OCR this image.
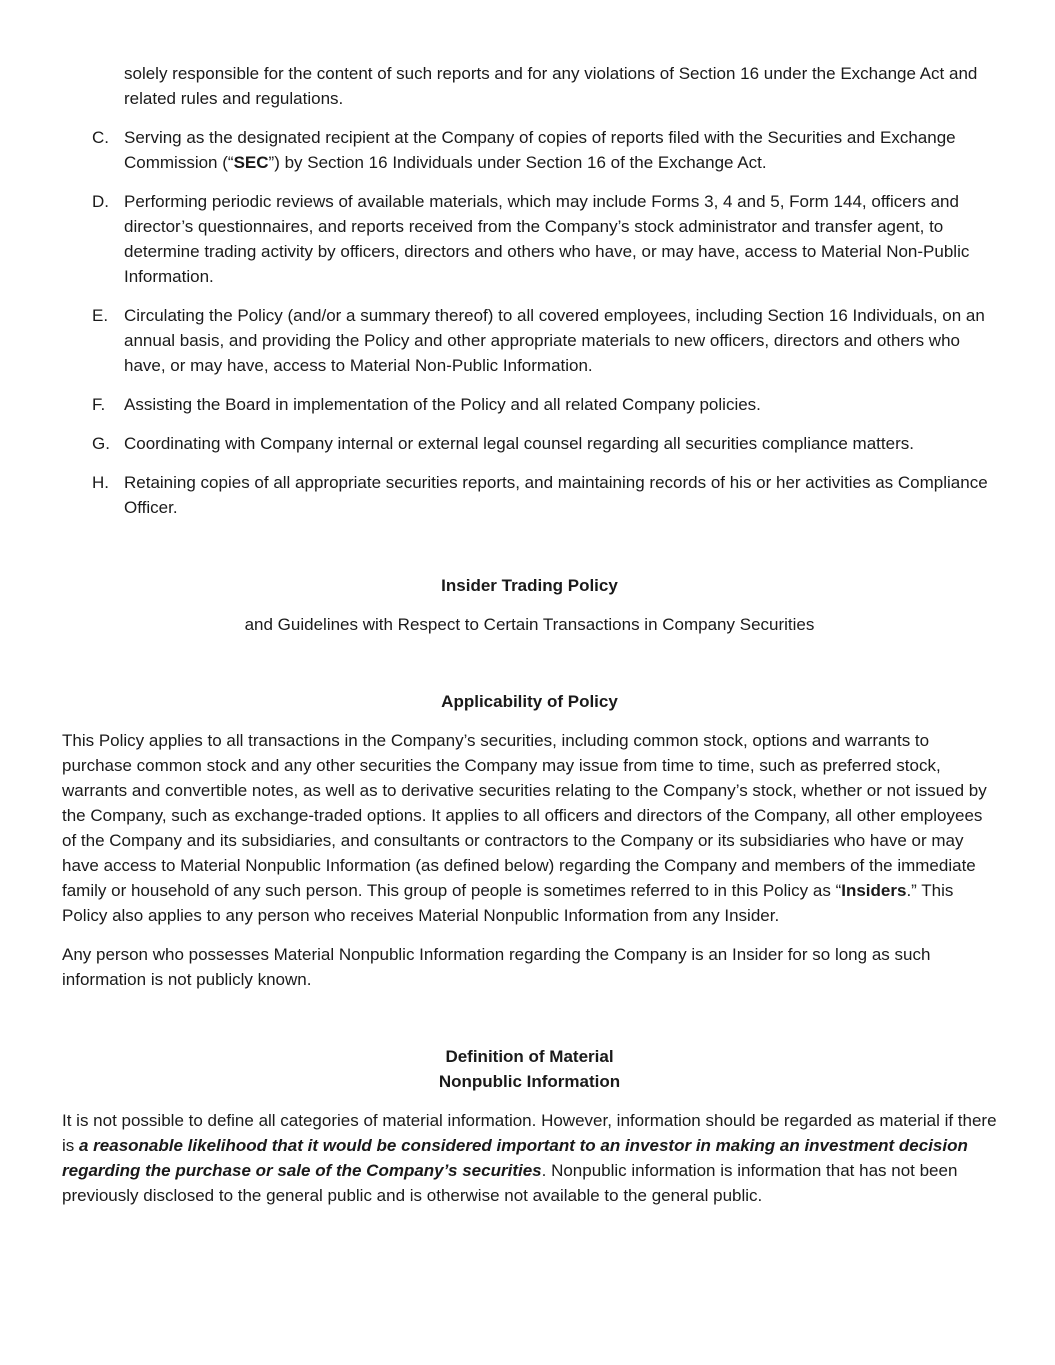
solely responsible for the content of such reports and for any violations of Section 16 under the Exchange Act and related rules and regulations.

C. Serving as the designated recipient at the Company of copies of reports filed with the Securities and Exchange Commission (“SEC”) by Section 16 Individuals under Section 16 of the Exchange Act.
D. Performing periodic reviews of available materials, which may include Forms 3, 4 and 5, Form 144, officers and director’s questionnaires, and reports received from the Company’s stock administrator and transfer agent, to determine trading activity by officers, directors and others who have, or may have, access to Material Non-Public Information.
E. Circulating the Policy (and/or a summary thereof) to all covered employees, including Section 16 Individuals, on an annual basis, and providing the Policy and other appropriate materials to new officers, directors and others who have, or may have, access to Material Non-Public Information.
F. Assisting the Board in implementation of the Policy and all related Company policies.
G. Coordinating with Company internal or external legal counsel regarding all securities compliance matters.
H. Retaining copies of all appropriate securities reports, and maintaining records of his or her activities as Compliance Officer.

Insider Trading Policy

and Guidelines with Respect to Certain Transactions in Company Securities

Applicability of Policy

This Policy applies to all transactions in the Company’s securities, including common stock, options and warrants to purchase common stock and any other securities the Company may issue from time to time, such as preferred stock, warrants and convertible notes, as well as to derivative securities relating to the Company’s stock, whether or not issued by the Company, such as exchange-traded options. It applies to all officers and directors of the Company, all other employees of the Company and its subsidiaries, and consultants or contractors to the Company or its subsidiaries who have or may have access to Material Nonpublic Information (as defined below) regarding the Company and members of the immediate family or household of any such person. This group of people is sometimes referred to in this Policy as “Insiders.” This Policy also applies to any person who receives Material Nonpublic Information from any Insider.

Any person who possesses Material Nonpublic Information regarding the Company is an Insider for so long as such information is not publicly known.

Definition of Material

Nonpublic Information

It is not possible to define all categories of material information. However, information should be regarded as material if there is a reasonable likelihood that it would be considered important to an investor in making an investment decision regarding the purchase or sale of the Company’s securities. Nonpublic information is information that has not been previously disclosed to the general public and is otherwise not available to the general public.
